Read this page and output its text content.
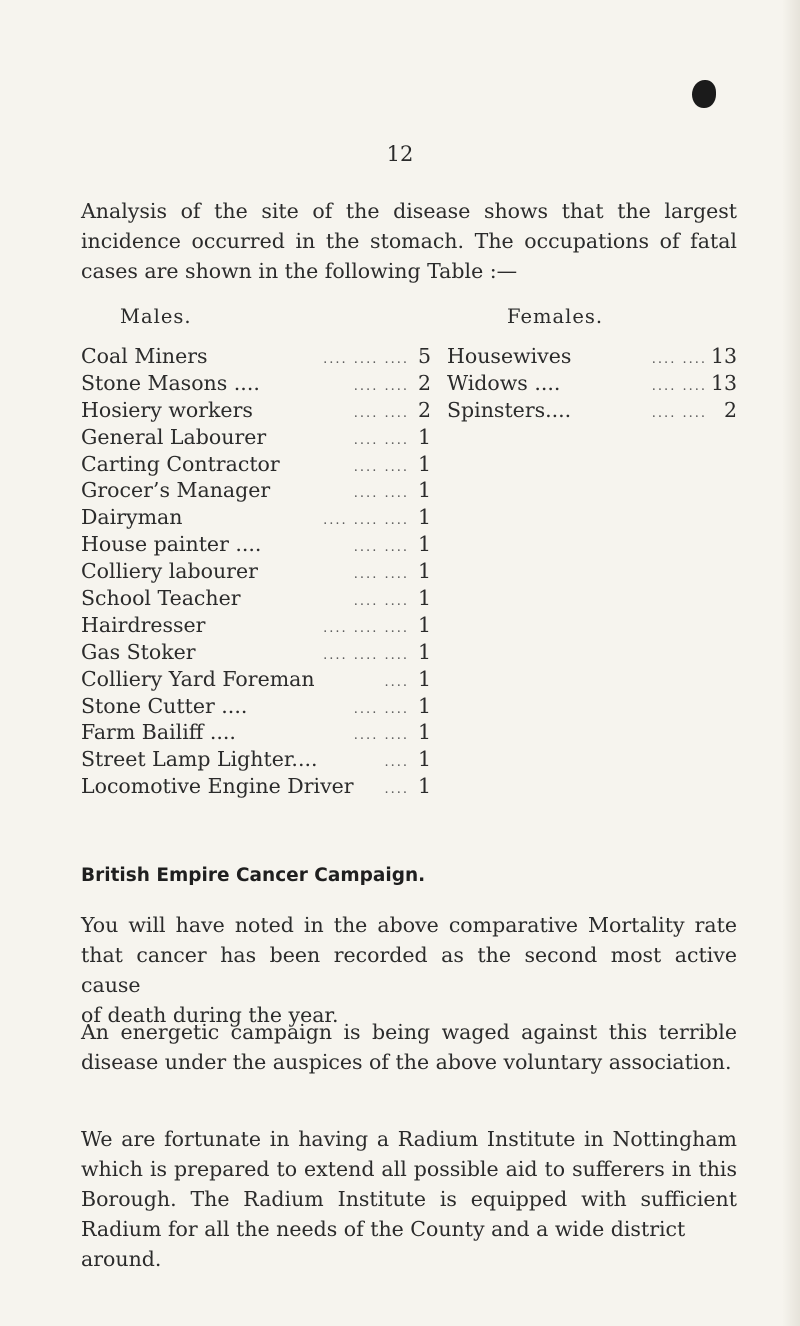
12
Analysis of the site of the disease shows that the largest
incidence occurred in the stomach. The occupations of fatal
cases are shown in the following Table :—
Males.	Females.
Coal Miners	.... .... .... 5
Stone Masons ....	.... .... 2
Hosiery workers	.... .... 2
General Labourer	.... .... 1
Carting Contractor	.... .... 1
Grocer’s Manager	.... .... 1
Dairyman	.... .... .... 1
House painter ....	.... .... 1
Colliery labourer	.... .... 1
School Teacher	.... .... 1
Hairdresser	.... .... .... 1
Gas Stoker	.... .... .... 1
Colliery Yard Foreman	.... 1
Stone Cutter ....	.... .... 1
Farm Bailiff ....	.... .... 1
Street Lamp Lighter....	.... 1
Locomotive Engine Driver	.... 1
Housewives	.... .... 13
Widows ....	.... .... 13
Spinsters....	.... .... 2
British Empire Cancer Campaign.
You will have noted in the above comparative Mortality rate
that cancer has been recorded as the second most active cause
of death during the year.
An energetic campaign is being waged against this terrible
disease under the auspices of the above voluntary association.
We are fortunate in having a Radium Institute in Nottingham
which is prepared to extend all possible aid to sufferers in this
Borough. The Radium Institute is equipped with sufficient
Radium for all the needs of the County and a wide district around.
